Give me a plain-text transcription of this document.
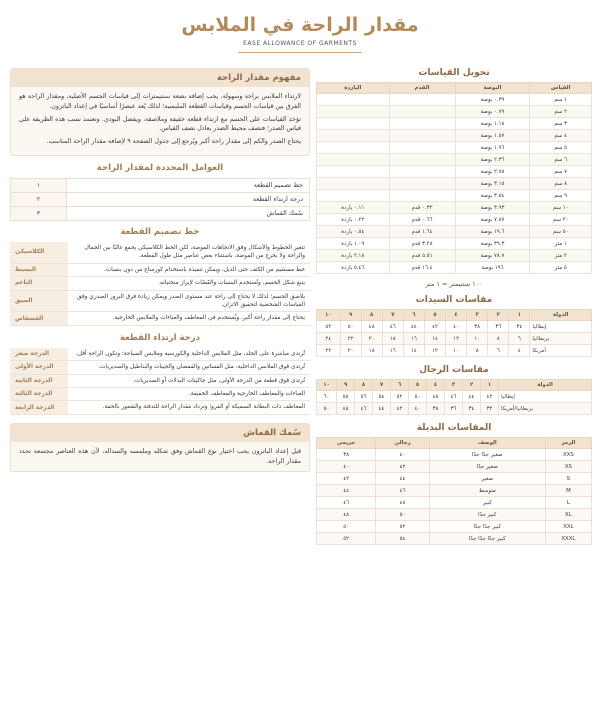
مقدار الراحة في الملابس
EASE ALLOWANCE OF GARMENTS
مفهوم مقدار الراحة

لارتداء الملابس براحة وسهولة، يجب إضافة بضعة سنتيمترات إلى قياسات الجسم الأصلية، ومقدار الراحة هو الفرق بين قياسات الجسم وقياسات القطعة الملبسية؛ لذلك يُعد عنصرًا أساسيًا في إعداد الباترون.

تؤخذ القياسات على الجسم مع ارتداء قطعة خفيفة وملاصقة، ويفضل البودي. وتعتمد نسب هذه الطريقة على قياس الصدر؛ فنصف محيط الصدر يعادل نصف القياس.

يحتاج الصدر والكم إلى مقدار راحة أكبر ويُرجع إلى جدول الصفحة ٩ لإضافة مقدار الراحة المناسب.

العوامل المحددة لمقدار الراحة
خط تصميم القطعة
١
درجة ارتداء القطعة
٢
سُمك القماش
٣
خط تصميم القطعة
تتغير الخطوط والأشكال وفق الاتجاهات الموضة، لكن الخط الكلاسيكي يجمع غالبًا بين الجمال والراحة ولا يخرج من الموضة، باستثناء بعض عناصر مثل طول القطعة.	الكلاسيكي
خط مستقيم من الكتف حتى الذيل، ويمكن تنفيذه باستخدام كورساج من دون بنسات.	البسيط
يتبع شكل الجسم، وتُستخدم البنسات والقَصّات لإبراز منحنياته.	الناعم
يلاصق الجسم؛ لذلك لا يحتاج إلى راحة عند مستوى الصدر ويمكن زيادة فرق البروز الصدري وفق القياسات الشخصية لتحقيق الاتزان.	الضيق
يحتاج إلى مقدار راحة أكبر، ويُستخدم في المعاطف والعباءات والملابس الخارجية.	الفضفاض
درجة ارتداء القطعة
تُرتدى مباشرة على الجلد، مثل الملابس الداخلية والكورسيه وملابس السباحة؛ وتكون الراحة أقل.	الدرجة صفر
تُرتدى فوق الملابس الداخلية، مثل الفساتين والقمصان والجيبات والبناطيل والصديريات.	الدرجة الأولى
تُرتدى فوق قطعة من الدرجة الأولى، مثل جاكيتات البدلات أو الصديريات.	الدرجة الثانية
العباءات والمعاطف الخارجية والمعاطف الخفيفة.	الدرجة الثالثة
المعاطف ذات البطانة السميكة أو الفرو؛ وتزداد مقدار الراحة للتدفئة والشعور بالخفة.	الدرجة الرابعة
سُمك القماش
قبل إعداد الباترون يجب اختيار نوع القماش وفق شكله وملمسه والسداله، لأن هذه العناصر مجتمعة تحدد مقدار الراحة.
تحويل القياسات
الياردة	القدم	البوصة	القياس
		٠.٣٩ بوصة	١ سم
		٠.٧٩ بوصة	٢ سم
		١.١٨ بوصة	٣ سم
		١.٥٧ بوصة	٤ سم
		١.٩٦ بوصة	٥ سم
		٢.٣٦ بوصة	٦ سم
		٢.٧٥ بوصة	٧ سم
		٣.١٥ بوصة	٨ سم
		٣.٥٤ بوصة	٩ سم
٠.١١ ياردة	٠.٣٢ قدم	٣.٩٣ بوصة	١٠ سم
٠.٢٢ ياردة	٠.٦٦ قدم	٧.٨٧ بوصة	٢٠ سم
٠.٥٤ ياردة	١.٦٤ قدم	١٩.٦ بوصة	٥٠ سم
١.٠٩ ياردة	٣.٢٨ قدم	٣٩.٣ بوصة	١ متر
٢.١٨ ياردة	٥.٥١ قدم	٧٨.٧ بوصة	٢ متر
٥.٤٦ ياردة	١٦.٤ قدم	١٩٦ بوصة	٥ متر
١٠٠ سنتيمتر = ١ متر
مقاسات السيدات
١٠	٩	٨	٧	٦	٥	٤	٣	٢	١	الدولة
٥٢	٥٠	٤٨	٤٦	٤٤	٤٢	٤٠	٣٨	٣٦	٣٤	إيطاليا
٢٤	٢٢	٢٠	١٨	١٦	١٤	١٢	١٠	٨	٦	بريطانيا
٢٢	٢٠	١٨	١٦	١٤	١٢	١٠	٨	٦	٤	أمريكا
مقاسات الرجال
١٠	٩	٨	٧	٦	٥	٤	٣	٢	١	الدولة
٦٠	٥٨	٥٦	٥٤	٥٢	٥٠	٤٨	٤٦	٤٤	٤٢	إيطاليا
٥٠	٤٨	٤٦	٤٤	٤٢	٤٠	٣٨	٣٦	٣٤	٣٢	بريطانيا/أمريكا
المقاسات البديلة
حريمي	رجالي	الوصف	الرمز
٣٨	٤٠	صغير جدًا جدًا	XXS
٤٠	٤٢	صغير جدًا	XS
٤٢	٤٤	صغير	S
٤٤	٤٦	متوسط	M
٤٦	٤٨	كبير	L
٤٨	٥٠	كبير جدًا	XL
٥٠	٥٢	كبير جدًا جدًا	XXL
٥٢	٥٤	كبير جدًا جدًا جدًا	XXXL
